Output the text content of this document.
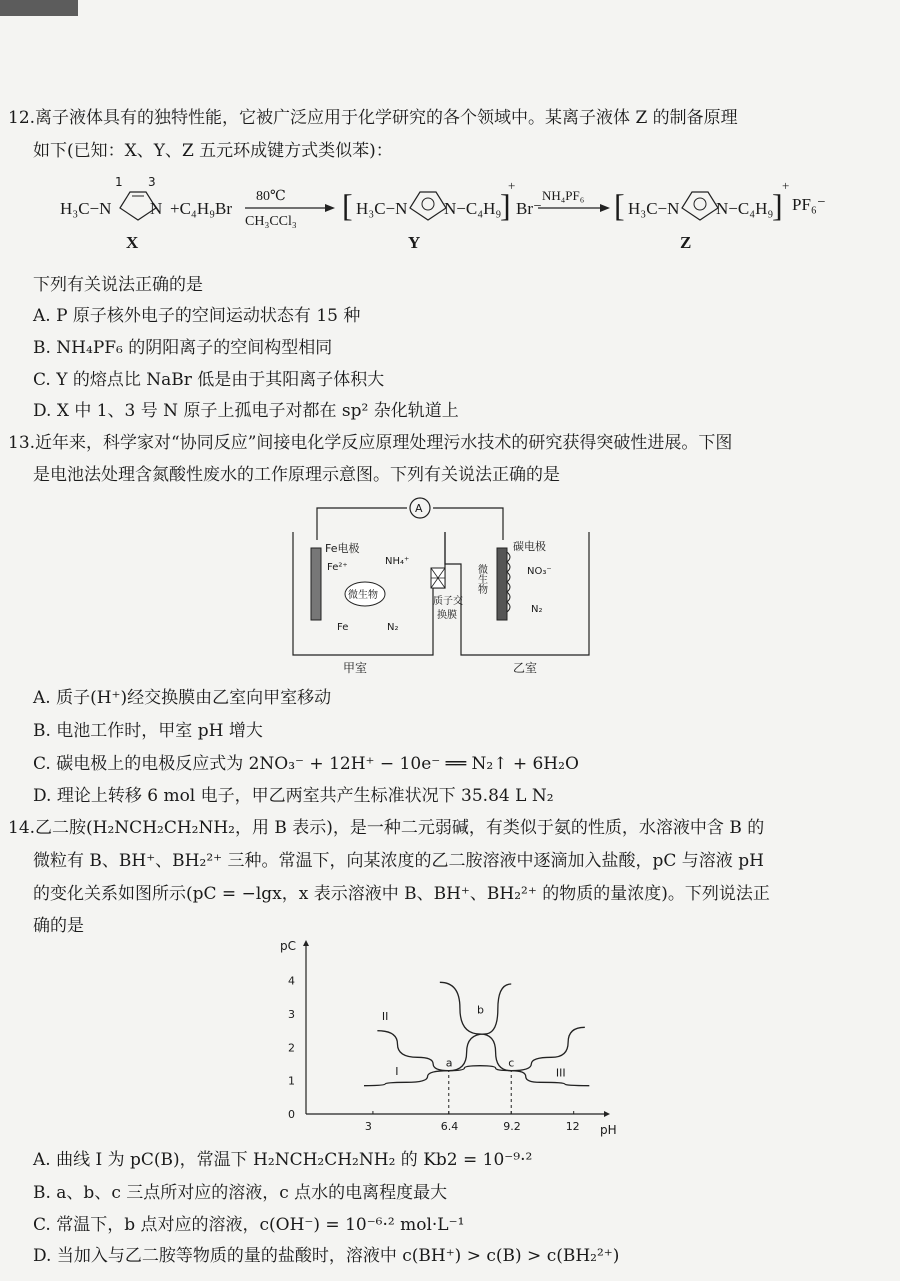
12.离子液体具有的独特性能，它被广泛应用于化学研究的各个领域中。某离子液体 Z 的制备原理
如下(已知：X、Y、Z 五元环成键方式类似苯)：
H₃C−N
1 3
N
X
+C₄H₉Br
80℃
CH₃CCl₃ [ H₃C−N N−C₄H₉
]
+
Br⁻
Y
NH₄PF₆ [ H₃C−N N−C₄H₉
]
+
PF₆⁻
Z
下列有关说法正确的是
A. P 原子核外电子的空间运动状态有 15 种
B. NH₄PF₆ 的阴阳离子的空间构型相同
C. Y 的熔点比 NaBr 低是由于其阳离子体积大
D. X 中 1、3 号 N 原子上孤电子对都在 sp² 杂化轨道上
13.近年来，科学家对“协同反应”间接电化学反应原理处理污水技术的研究获得突破性进展。下图
是电池法处理含氮酸性废水的工作原理示意图。下列有关说法正确的是
A
Fe电极
Fe²⁺
NH₄⁺
微生物
Fe	N₂
质子交
换膜
碳电极
微生物	NO₃⁻
N₂
甲室	乙室
A. 质子(H⁺)经交换膜由乙室向甲室移动
B. 电池工作时，甲室 pH 增大
C. 碳电极上的电极反应式为 2NO₃⁻ + 12H⁺ − 10e⁻ ══ N₂↑ + 6H₂O
D. 理论上转移 6 mol 电子，甲乙两室共产生标准状况下 35.84 L N₂
14.乙二胺(H₂NCH₂CH₂NH₂，用 B 表示)，是一种二元弱碱，有类似于氨的性质，水溶液中含 B 的
微粒有 B、BH⁺、BH₂²⁺ 三种。常温下，向某浓度的乙二胺溶液中逐滴加入盐酸，pC 与溶液 pH
的变化关系如图所示(pC = −lgx，x 表示溶液中 B、BH⁺、BH₂²⁺ 的物质的量浓度)。下列说法正
确的是
pH
pC
0
1
2
3
4
3	6.4	9.2	12
I
II
III
a
b
c
A. 曲线 I 为 pC(B)，常温下 H₂NCH₂CH₂NH₂ 的 Kb2 = 10⁻⁹·²
B. a、b、c 三点所对应的溶液，c 点水的电离程度最大
C. 常温下，b 点对应的溶液，c(OH⁻) = 10⁻⁶·² mol·L⁻¹
D. 当加入与乙二胺等物质的量的盐酸时，溶液中 c(BH⁺) > c(B) > c(BH₂²⁺)
